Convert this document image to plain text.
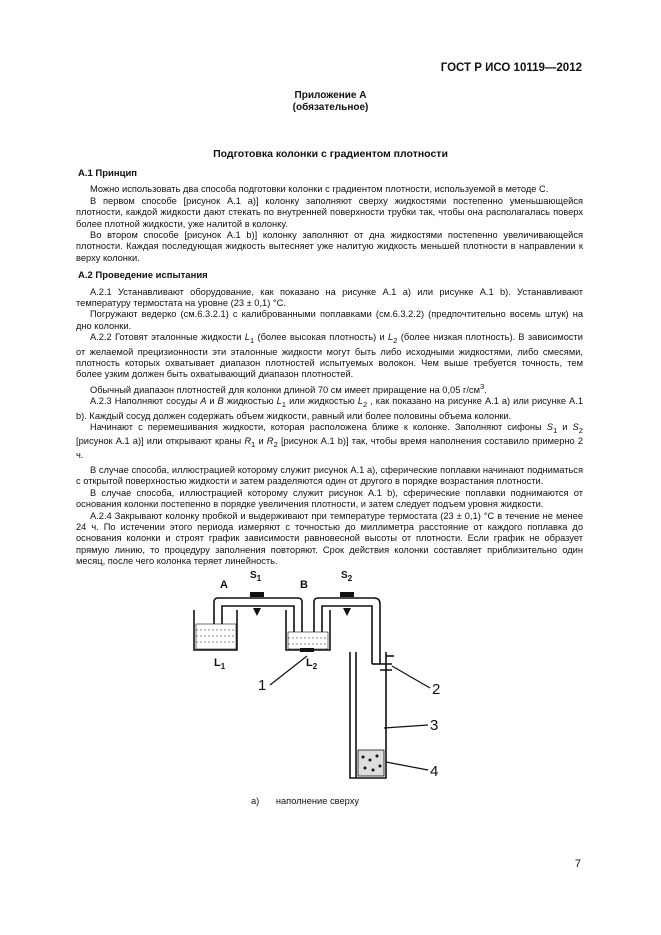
ГОСТ Р ИСО 10119—2012
Приложение А
(обязательное)
Подготовка колонки с градиентом плотности
А.1 Принцип

Можно использовать два способа подготовки колонки с градиентом плотности, используемой в методе С.

В первом способе [рисунок А.1 a)] колонку заполняют сверху жидкостями постепенно уменьшающейся плотности, каждой жидкости дают стекать по внутренней поверхности трубки так, чтобы она располагалась поверх более плотной жидкости, уже налитой в колонку.

Во втором способе [рисунок А.1 b)] колонку заполняют от дна жидкостями постепенно увеличивающейся плотности. Каждая последующая жидкость вытесняет уже налитую жидкость меньшей плотности в направлении к верху колонки.

А.2 Проведение испытания

А.2.1 Устанавливают оборудование, как показано на рисунке А.1 a) или рисунке А.1 b). Устанавливают температуру термостата на уровне (23 ± 0,1) °С.

Погружают ведерко (см.6.3.2.1) с калиброванными поплавками (см.6.3.2.2) (предпочтительно восемь штук) на дно колонки.

А.2.2 Готовят эталонные жидкости $L_1$ (более высокая плотность) и $L_2$ (более низкая плотность). В зависимости от желаемой прецизионности эти эталонные жидкости могут быть либо исходными жидкостями, либо смесями, плотность которых охватывает диапазон плотностей испытуемых волокон. Чем выше требуется точность, тем более узким должен быть охватывающий диапазон плотностей.

Обычный диапазон плотностей для колонки длиной 70 см имеет приращение на 0,05 $г/см^3$.

А.2.3 Наполняют сосуды A и B жидкостью $L_1$ или жидкостью $L_2$ , как показано на рисунке А.1 a) или рисунке А.1 b). Каждый сосуд должен содержать объем жидкости, равный или более половины объема колонки.

Начинают с перемешивания жидкости, которая расположена ближе к колонке. Заполняют сифоны $S_1$ и $S_2$ [рисунок А.1 a)] или открывают краны $R_1$ и $R_2$ [рисунок А.1 b)] так, чтобы время наполнения составило примерно 2 ч.

В случае способа, иллюстрацией которому служит рисунок А.1 a), сферические поплавки начинают подниматься с открытой поверхностью жидкости и затем разделяются один от другого в порядке возрастания плотности.

В случае способа, иллюстрацией которому служит рисунок А.1 b), сферические поплавки поднимаются от основания колонки постепенно в порядке увеличения плотности, и затем следует подъем уровня жидкости.

А.2.4 Закрывают колонку пробкой и выдерживают при температуре термостата (23 ± 0,1) °С в течение не менее 24 ч. По истечении этого периода измеряют с точностью до миллиметра расстояние от каждого поплавка до основания колонки и строят график зависимости равновесной высоты от плотности. Если график не образует прямую линию, то процедуру заполнения повторяют. Срок действия колонки составляет приблизительно один месяц, после чего колонка теряет линейность.

A	B
$L_1$	$L_2$
1	2
3
4
$S_1$	$S_2$
a) наполнение сверху
7
